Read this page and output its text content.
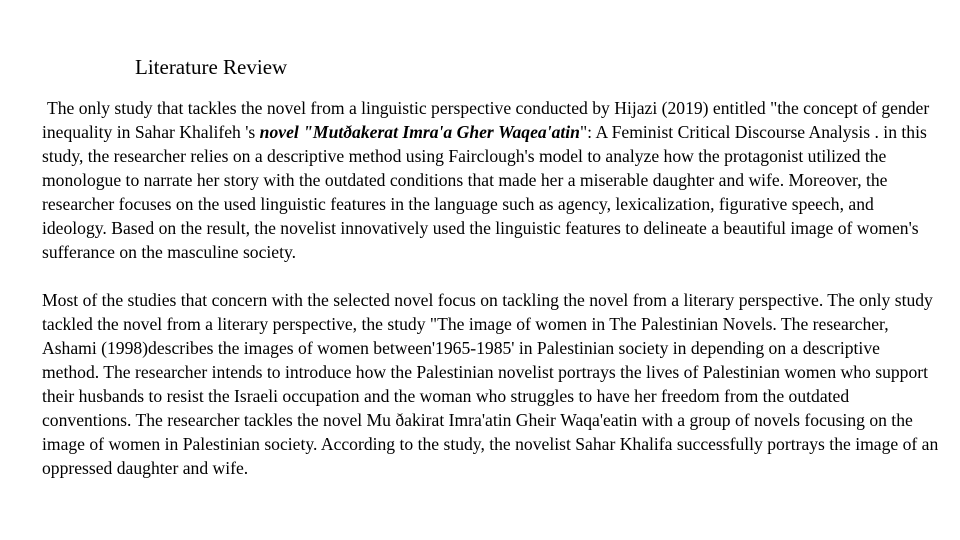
Literature Review

The only study that tackles the novel from a linguistic perspective conducted by Hijazi (2019) entitled "the concept of gender inequality in Sahar Khalifeh 's novel "Mutðakerat Imra'a Gher Waqea'atin": A Feminist Critical Discourse Analysis . in this study, the researcher relies on a descriptive method using Fairclough's model to analyze how the protagonist utilized the monologue to narrate her story with the outdated conditions that made her a miserable daughter and wife. Moreover, the researcher focuses on the used linguistic features in the language such as agency, lexicalization, figurative speech, and ideology. Based on the result, the novelist innovatively used the linguistic features to delineate a beautiful image of women's sufferance on the masculine society.

Most of the studies that concern with the selected novel focus on tackling the novel from a literary perspective. The only study tackled the novel from a literary perspective, the study "The image of women in The Palestinian Novels. The researcher, Ashami (1998)describes the images of women between'1965-1985' in Palestinian society in depending on a descriptive method. The researcher intends to introduce how the Palestinian novelist portrays the lives of Palestinian women who support their husbands to resist the Israeli occupation and the woman who struggles to have her freedom from the outdated conventions. The researcher tackles the novel Mu ðakirat Imra'atin Gheir Waqa'eatin with a group of novels focusing on the image of women in Palestinian society. According to the study, the novelist Sahar Khalifa successfully portrays the image of an oppressed daughter and wife.
